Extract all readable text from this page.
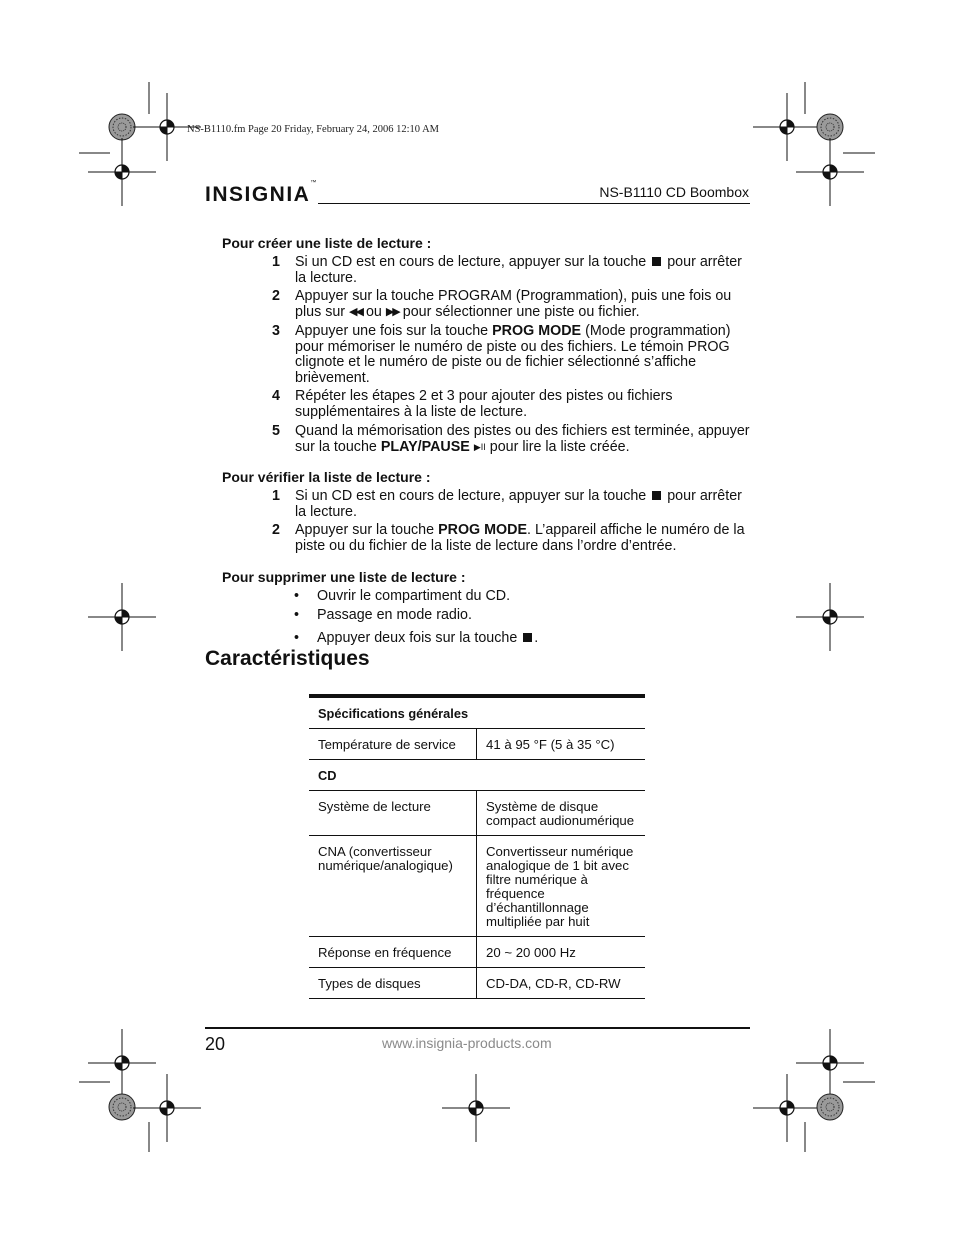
NS-B1110.fm Page 20 Friday, February 24, 2006 12:10 AM
INSIGNIA™
NS-B1110 CD Boombox
Pour créer une liste de lecture :
1 Si un CD est en cours de lecture, appuyer sur la touche pour arrêter la lecture.
2 Appuyer sur la touche PROGRAM (Programmation), puis une fois ou plus sur ◀◀ ou ▶▶ pour sélectionner une piste ou fichier.
3 Appuyer une fois sur la touche PROG MODE (Mode programmation) pour mémoriser le numéro de piste ou des fichiers. Le témoin PROG clignote et le numéro de piste ou de fichier sélectionné s’affiche brièvement.
4 Répéter les étapes 2 et 3 pour ajouter des pistes ou fichiers supplémentaires à la liste de lecture.
5 Quand la mémorisation des pistes ou des fichiers est terminée, appuyer sur la touche PLAY/PAUSE ▶II pour lire la liste créée.
Pour vérifier la liste de lecture :
1 Si un CD est en cours de lecture, appuyer sur la touche pour arrêter la lecture.
2 Appuyer sur la touche PROG MODE. L’appareil affiche le numéro de la piste ou du fichier de la liste de lecture dans l’ordre d’entrée.
Pour supprimer une liste de lecture :
• Ouvrir le compartiment du CD.
• Passage en mode radio.
• Appuyer deux fois sur la touche .
Caractéristiques
Spécifications générales	
Température de service	41 à 95 °F (5 à 35 °C)
CD	
Système de lecture	Système de disque compact audionumérique
CNA (convertisseur numérique/analogique)	Convertisseur numérique analogique de 1 bit avec filtre numérique à fréquence d’échantillonnage multipliée par huit
Réponse en fréquence	20 ~ 20 000 Hz
Types de disques	CD-DA, CD-R, CD-RW
20	www.insignia-products.com
